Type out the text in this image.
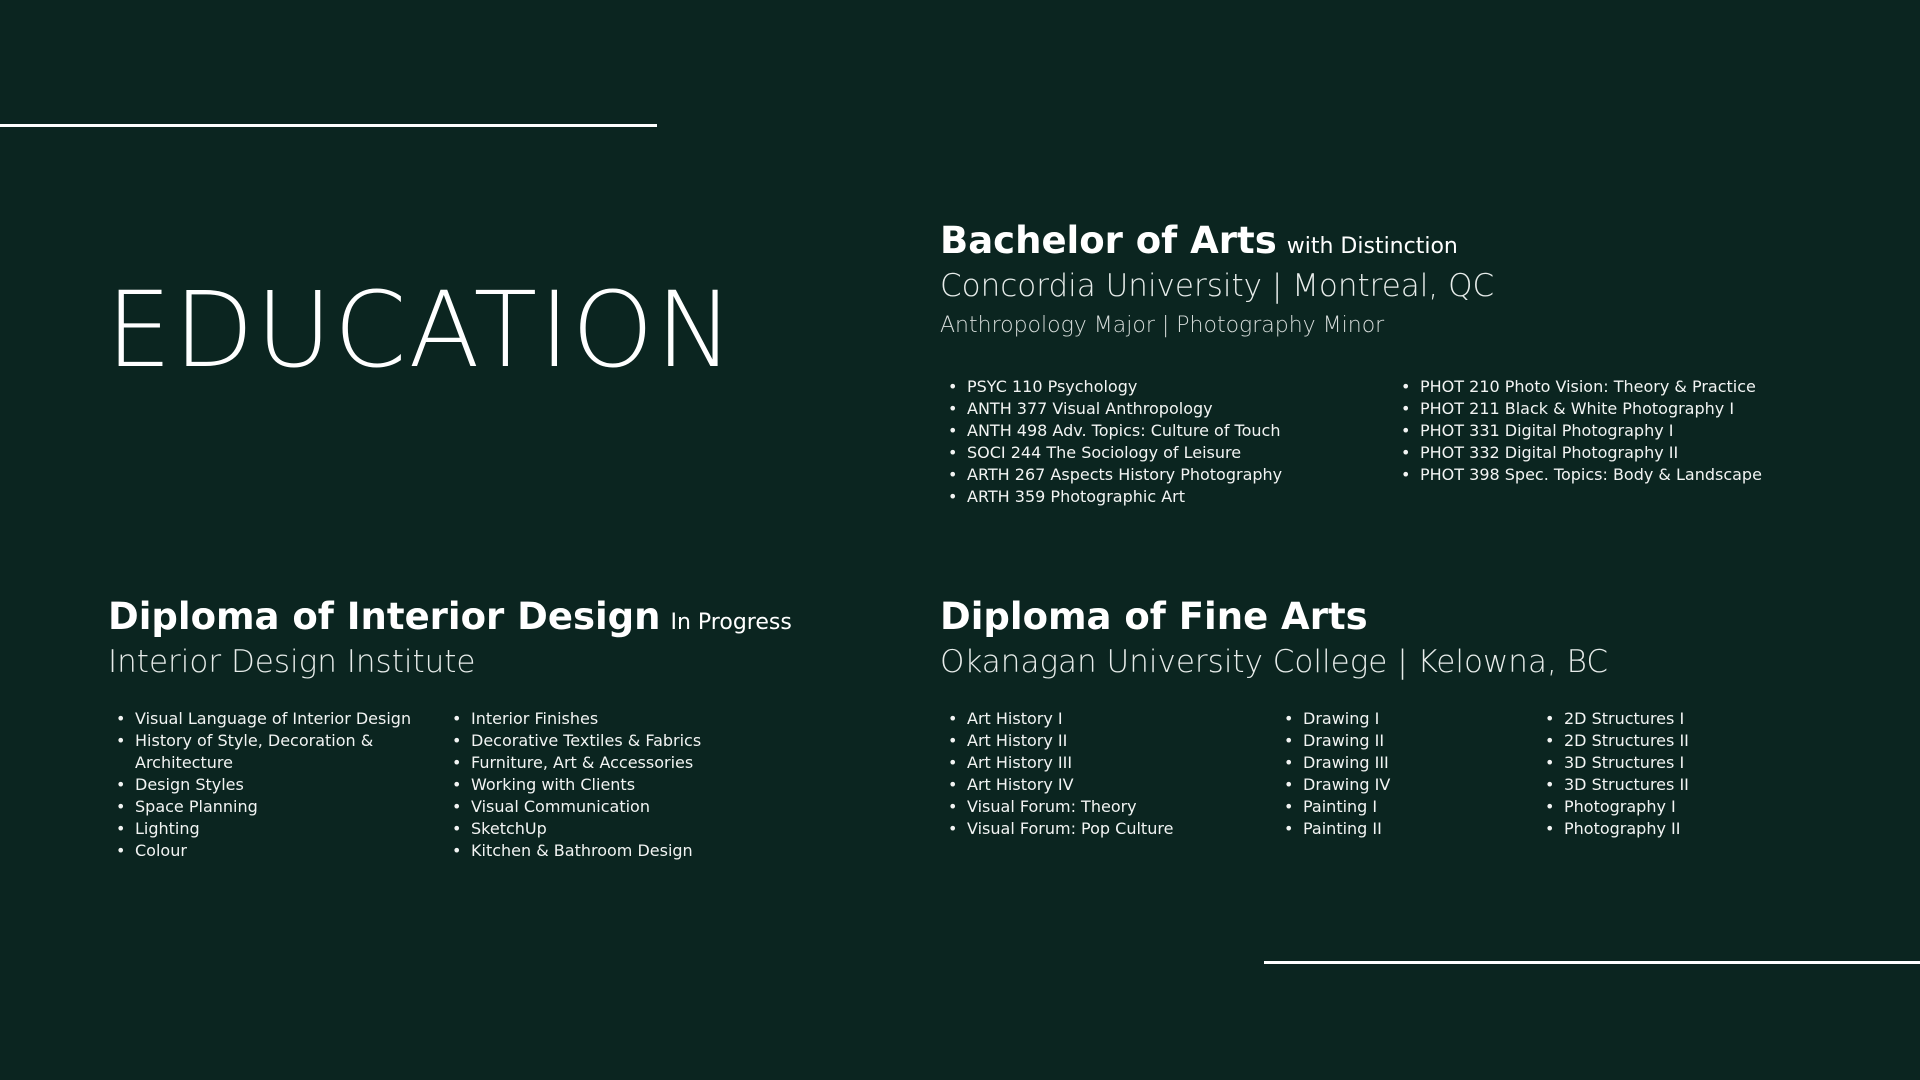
EDUCATION

Bachelor of Arts with Distinction

Concordia University | Montreal, QC

Anthropology Major | Photography Minor

• PSYC 110 Psychology
• ANTH 377 Visual Anthropology
• ANTH 498 Adv. Topics: Culture of Touch
• SOCI 244 The Sociology of Leisure
• ARTH 267 Aspects History Photography
• ARTH 359 Photographic Art
• PHOT 210 Photo Vision: Theory & Practice
• PHOT 211 Black & White Photography I
• PHOT 331 Digital Photography I
• PHOT 332 Digital Photography II
• PHOT 398 Spec. Topics: Body & Landscape

Diploma of Interior Design In Progress

Interior Design Institute

• Visual Language of Interior Design
• History of Style, Decoration & Architecture
• Design Styles
• Space Planning
• Lighting
• Colour
• Interior Finishes
• Decorative Textiles & Fabrics
• Furniture, Art & Accessories
• Working with Clients
• Visual Communication
• SketchUp
• Kitchen & Bathroom Design

Diploma of Fine Arts

Okanagan University College | Kelowna, BC

• Art History I
• Art History II
• Art History III
• Art History IV
• Visual Forum: Theory
• Visual Forum: Pop Culture
• Drawing I
• Drawing II
• Drawing III
• Drawing IV
• Painting I
• Painting II
• 2D Structures I
• 2D Structures II
• 3D Structures I
• 3D Structures II
• Photography I
• Photography II
